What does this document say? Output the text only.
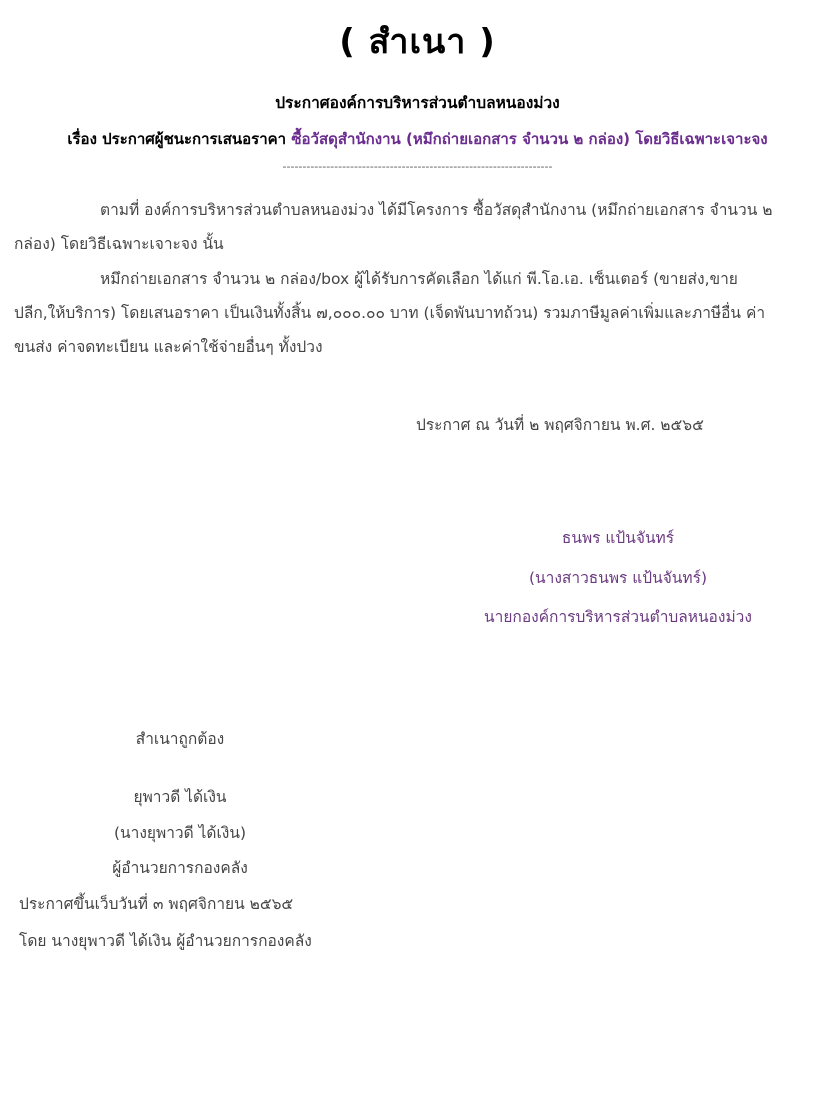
( สำเนา )
ประกาศองค์การบริหารส่วนตำบลหนองม่วง
เรื่อง ประกาศผู้ชนะการเสนอราคา ซื้อวัสดุสำนักงาน (หมึกถ่ายเอกสาร จำนวน ๒ กล่อง) โดยวิธีเฉพาะเจาะจง
--------------------------------------------------------------------
ตามที่ องค์การบริหารส่วนตำบลหนองม่วง ได้มีโครงการ ซื้อวัสดุสำนักงาน (หมึกถ่ายเอกสาร จำนวน ๒
กล่อง) โดยวิธีเฉพาะเจาะจง นั้น
หมึกถ่ายเอกสาร จำนวน ๒ กล่อง/box ผู้ได้รับการคัดเลือก ได้แก่ พี.โอ.เอ. เซ็นเตอร์ (ขายส่ง,ขาย
ปลีก,ให้บริการ) โดยเสนอราคา เป็นเงินทั้งสิ้น ๗,๐๐๐.๐๐ บาท (เจ็ดพันบาทถ้วน) รวมภาษีมูลค่าเพิ่มและภาษีอื่น ค่า
ขนส่ง ค่าจดทะเบียน และค่าใช้จ่ายอื่นๆ ทั้งปวง
ประกาศ ณ วันที่ ๒ พฤศจิกายน พ.ศ. ๒๕๖๕
ธนพร แป้นจันทร์
(นางสาวธนพร แป้นจันทร์)
นายกองค์การบริหารส่วนตำบลหนองม่วง
สำเนาถูกต้อง
ยุพาวดี ได้เงิน
(นางยุพาวดี ได้เงิน)
ผู้อำนวยการกองคลัง
ประกาศขึ้นเว็บวันที่ ๓ พฤศจิกายน ๒๕๖๕
โดย นางยุพาวดี ได้เงิน ผู้อำนวยการกองคลัง
